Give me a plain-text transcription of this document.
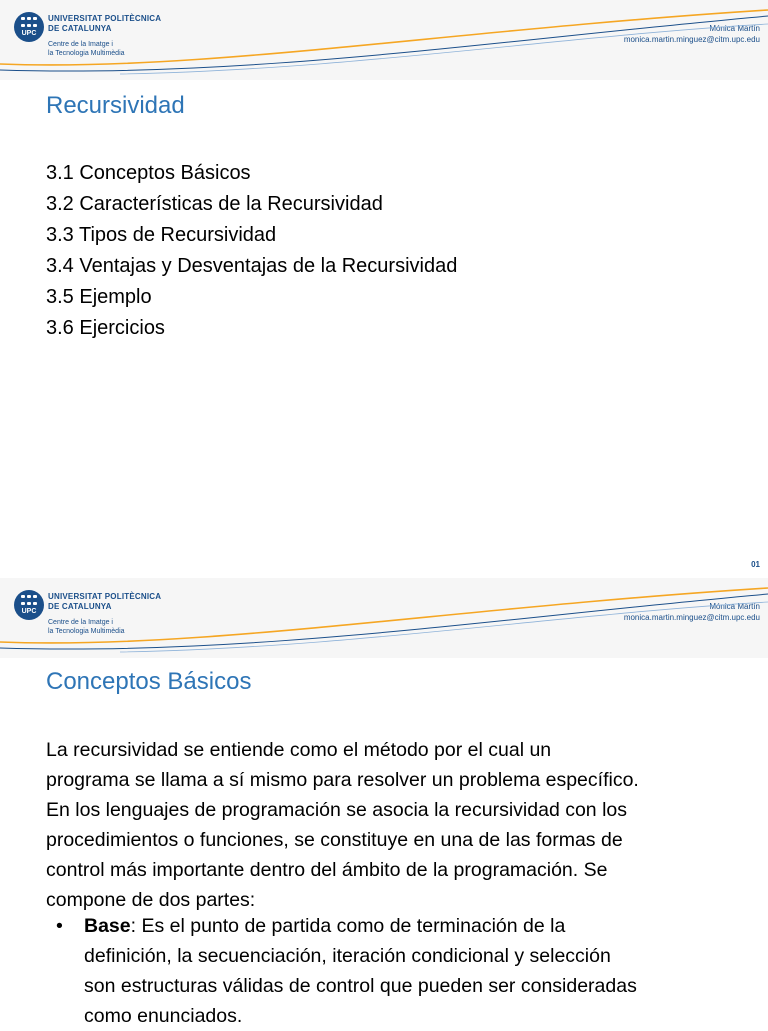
UPC
UNIVERSITAT POLITÈCNICA
DE CATALUNYA
Centre de la Imatge i
la Tecnologia Multimèdia
Mónica Martín
monica.martin.minguez@citm.upc.edu
Recursividad
3.1 Conceptos Básicos
3.2 Características de la Recursividad
3.3 Tipos de Recursividad
3.4 Ventajas y Desventajas de la Recursividad
3.5 Ejemplo
3.6 Ejercicios
01
UPC
UNIVERSITAT POLITÈCNICA
DE CATALUNYA
Centre de la Imatge i
la Tecnologia Multimèdia
Mónica Martín
monica.martin.minguez@citm.upc.edu
Conceptos Básicos
La recursividad se entiende como el método por el cual un
programa se llama a sí mismo para resolver un problema específico.
En los lenguajes de programación se asocia la recursividad con los
procedimientos o funciones, se constituye en una de las formas de
control más importante dentro del ámbito de la programación. Se
compone de dos partes:
• Base: Es el punto de partida como de terminación de la
definición, la secuenciación, iteración condicional y selección
son estructuras válidas de control que pueden ser consideradas
como enunciados.
